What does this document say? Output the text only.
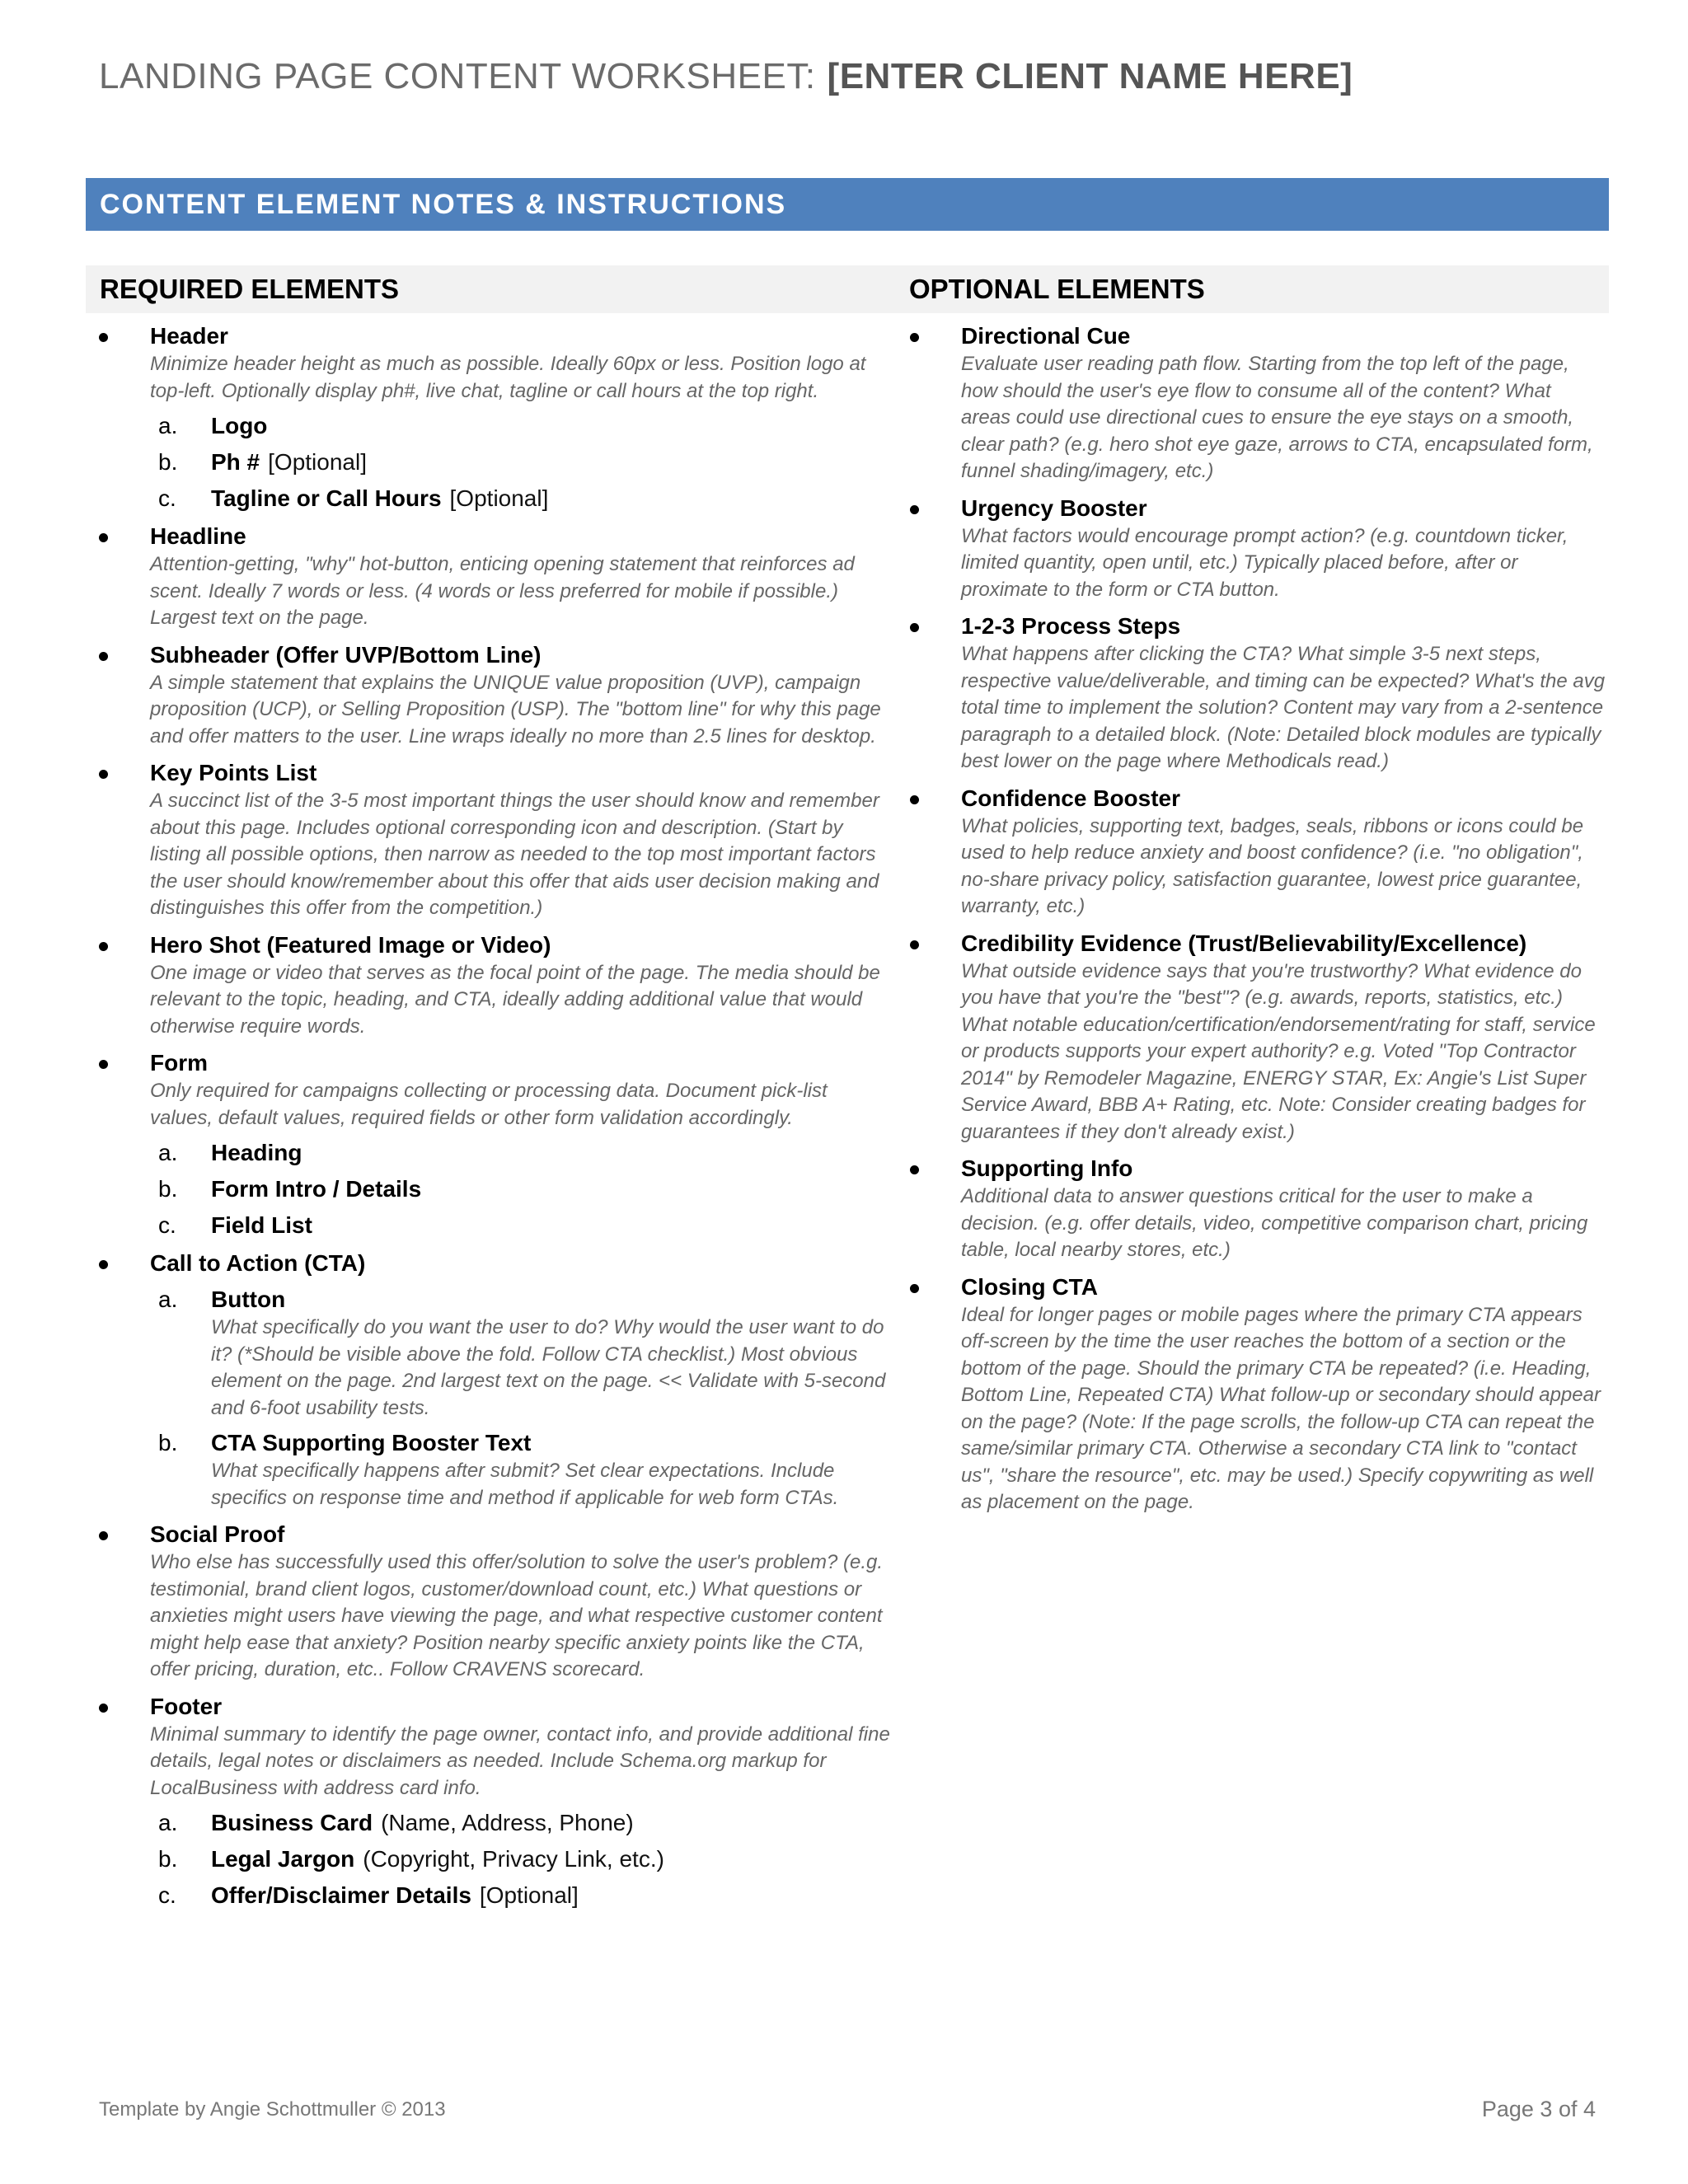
LANDING PAGE CONTENT WORKSHEET: [ENTER CLIENT NAME HERE]
CONTENT ELEMENT NOTES & INSTRUCTIONS
REQUIRED ELEMENTS	OPTIONAL ELEMENTS
Header
Minimize header height as much as possible. Ideally 60px or less. Position logo at top-left. Optionally display ph#, live chat, tagline or call hours at the top right.
a. Logo
b. Ph # [Optional]
c. Tagline or Call Hours [Optional]
Headline
Attention-getting, "why" hot-button, enticing opening statement that reinforces ad scent. Ideally 7 words or less. (4 words or less preferred for mobile if possible.) Largest text on the page.
Subheader (Offer UVP/Bottom Line)
A simple statement that explains the UNIQUE value proposition (UVP), campaign proposition (UCP), or Selling Proposition (USP). The "bottom line" for why this page and offer matters to the user. Line wraps ideally no more than 2.5 lines for desktop.
Key Points List
A succinct list of the 3-5 most important things the user should know and remember about this page. Includes optional corresponding icon and description. (Start by listing all possible options, then narrow as needed to the top most important factors the user should know/remember about this offer that aids user decision making and distinguishes this offer from the competition.)
Hero Shot (Featured Image or Video)
One image or video that serves as the focal point of the page. The media should be relevant to the topic, heading, and CTA, ideally adding additional value that would otherwise require words.
Form
Only required for campaigns collecting or processing data. Document pick-list values, default values, required fields or other form validation accordingly.
a. Heading
b. Form Intro / Details
c. Field List
Call to Action (CTA)
a. Button
What specifically do you want the user to do? Why would the user want to do it? (*Should be visible above the fold. Follow CTA checklist.) Most obvious element on the page. 2nd largest text on the page. << Validate with 5-second and 6-foot usability tests.
b. CTA Supporting Booster Text
What specifically happens after submit? Set clear expectations. Include specifics on response time and method if applicable for web form CTAs.
Social Proof
Who else has successfully used this offer/solution to solve the user's problem? (e.g. testimonial, brand client logos, customer/download count, etc.) What questions or anxieties might users have viewing the page, and what respective customer content might help ease that anxiety? Position nearby specific anxiety points like the CTA, offer pricing, duration, etc.. Follow CRAVENS scorecard.
Footer
Minimal summary to identify the page owner, contact info, and provide additional fine details, legal notes or disclaimers as needed. Include Schema.org markup for LocalBusiness with address card info.
a. Business Card (Name, Address, Phone)
b. Legal Jargon (Copyright, Privacy Link, etc.)
c. Offer/Disclaimer Details [Optional]
Directional Cue
Evaluate user reading path flow. Starting from the top left of the page, how should the user's eye flow to consume all of the content? What areas could use directional cues to ensure the eye stays on a smooth, clear path? (e.g. hero shot eye gaze, arrows to CTA, encapsulated form, funnel shading/imagery, etc.)
Urgency Booster
What factors would encourage prompt action? (e.g. countdown ticker, limited quantity, open until, etc.) Typically placed before, after or proximate to the form or CTA button.
1-2-3 Process Steps
What happens after clicking the CTA? What simple 3-5 next steps, respective value/deliverable, and timing can be expected? What's the avg total time to implement the solution? Content may vary from a 2-sentence paragraph to a detailed block. (Note: Detailed block modules are typically best lower on the page where Methodicals read.)
Confidence Booster
What policies, supporting text, badges, seals, ribbons or icons could be used to help reduce anxiety and boost confidence? (i.e. "no obligation", no-share privacy policy, satisfaction guarantee, lowest price guarantee, warranty, etc.)
Credibility Evidence (Trust/Believability/Excellence)
What outside evidence says that you're trustworthy? What evidence do you have that you're the "best"? (e.g. awards, reports, statistics, etc.) What notable education/certification/endorsement/rating for staff, service or products supports your expert authority? e.g. Voted "Top Contractor 2014" by Remodeler Magazine, ENERGY STAR, Ex: Angie's List Super Service Award, BBB A+ Rating, etc. Note: Consider creating badges for guarantees if they don't already exist.)
Supporting Info
Additional data to answer questions critical for the user to make a decision. (e.g. offer details, video, competitive comparison chart, pricing table, local nearby stores, etc.)
Closing CTA
Ideal for longer pages or mobile pages where the primary CTA appears off-screen by the time the user reaches the bottom of a section or the bottom of the page. Should the primary CTA be repeated? (i.e. Heading, Bottom Line, Repeated CTA) What follow-up or secondary should appear on the page? (Note: If the page scrolls, the follow-up CTA can repeat the same/similar primary CTA. Otherwise a secondary CTA link to "contact us", "share the resource", etc. may be used.) Specify copywriting as well as placement on the page.
Template by Angie Schottmuller © 2013	Page 3 of 4
